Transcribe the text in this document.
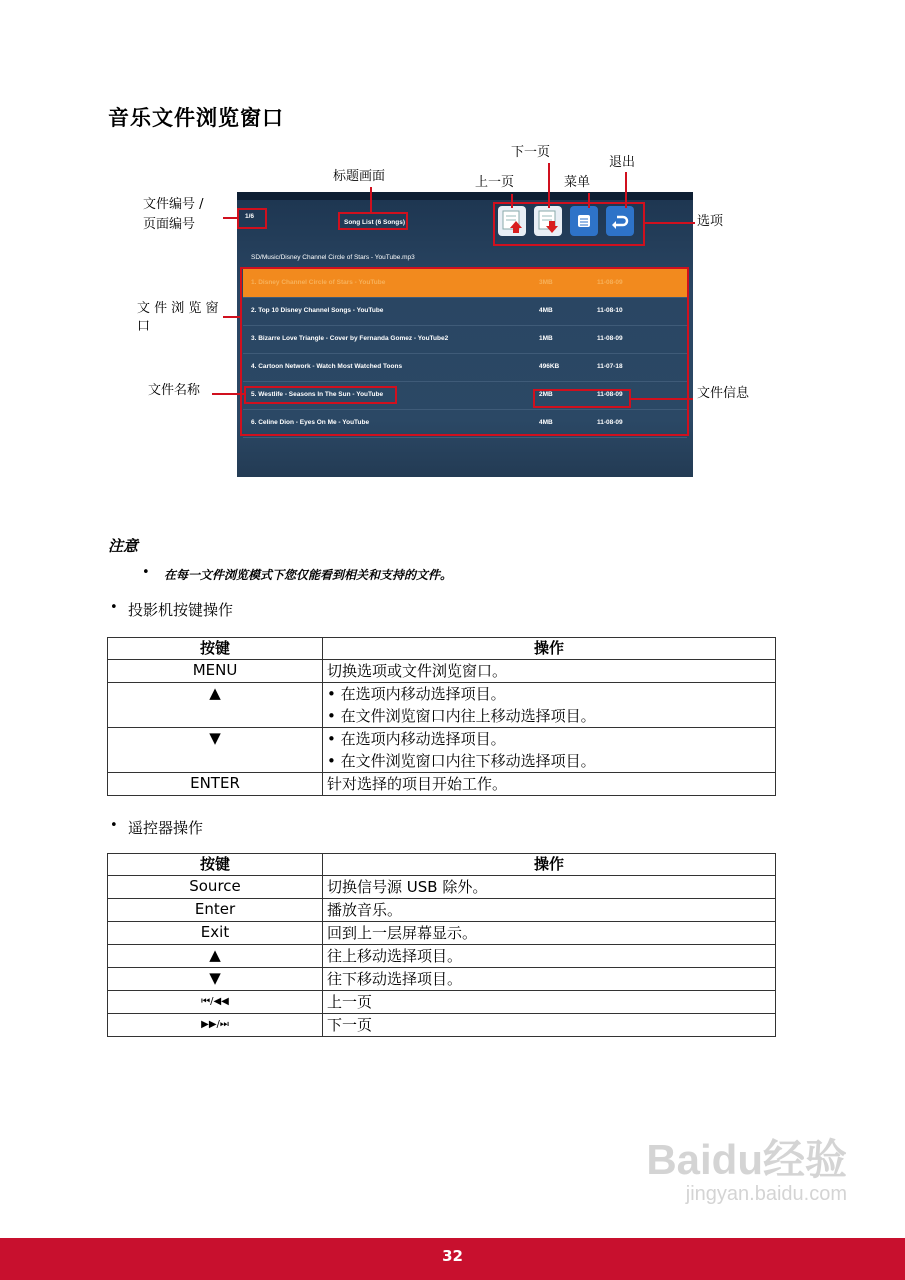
音乐文件浏览窗口
1/6
Song List (6 Songs)
SD/Music/Disney Channel Circle of Stars - YouTube.mp3
1. Disney Channel Circle of Stars - YouTube	3MB	11-08-09
2. Top 10 Disney Channel Songs - YouTube	4MB	11-08-10
3. Bizarre Love Triangle - Cover by Fernanda Gomez - YouTube2	1MB	11-08-09
4. Cartoon Network - Watch Most Watched Toons	496KB	11-07-18
5. Westlife - Seasons In The Sun - YouTube	2MB	11-08-09
6. Celine Dion - Eyes On Me - YouTube	4MB	11-08-09
文件编号 /
页面编号
标题画面	上一页
下一页
菜单
退出
选项
文 件 浏 览 窗
口
文件名称	文件信息
注意
• 在每一文件浏览模式下您仅能看到相关和支持的文件。
• 投影机按键操作
按键	操作
MENU	切换选项或文件浏览窗口。
▲	• 在选项内移动选择项目。
• 在文件浏览窗口内往上移动选择项目。

▼	• 在选项内移动选择项目。
• 在文件浏览窗口内往下移动选择项目。

ENTER	针对选择的项目开始工作。
• 遥控器操作
按键	操作
Source	切换信号源 USB 除外。
Enter	播放音乐。
Exit	回到上一层屏幕显示。
▲	往上移动选择项目。
▼	往下移动选择项目。
⏮/◀◀	上一页
▶▶/⏭	下一页
Baidu经验
jingyan.baidu.com
32
